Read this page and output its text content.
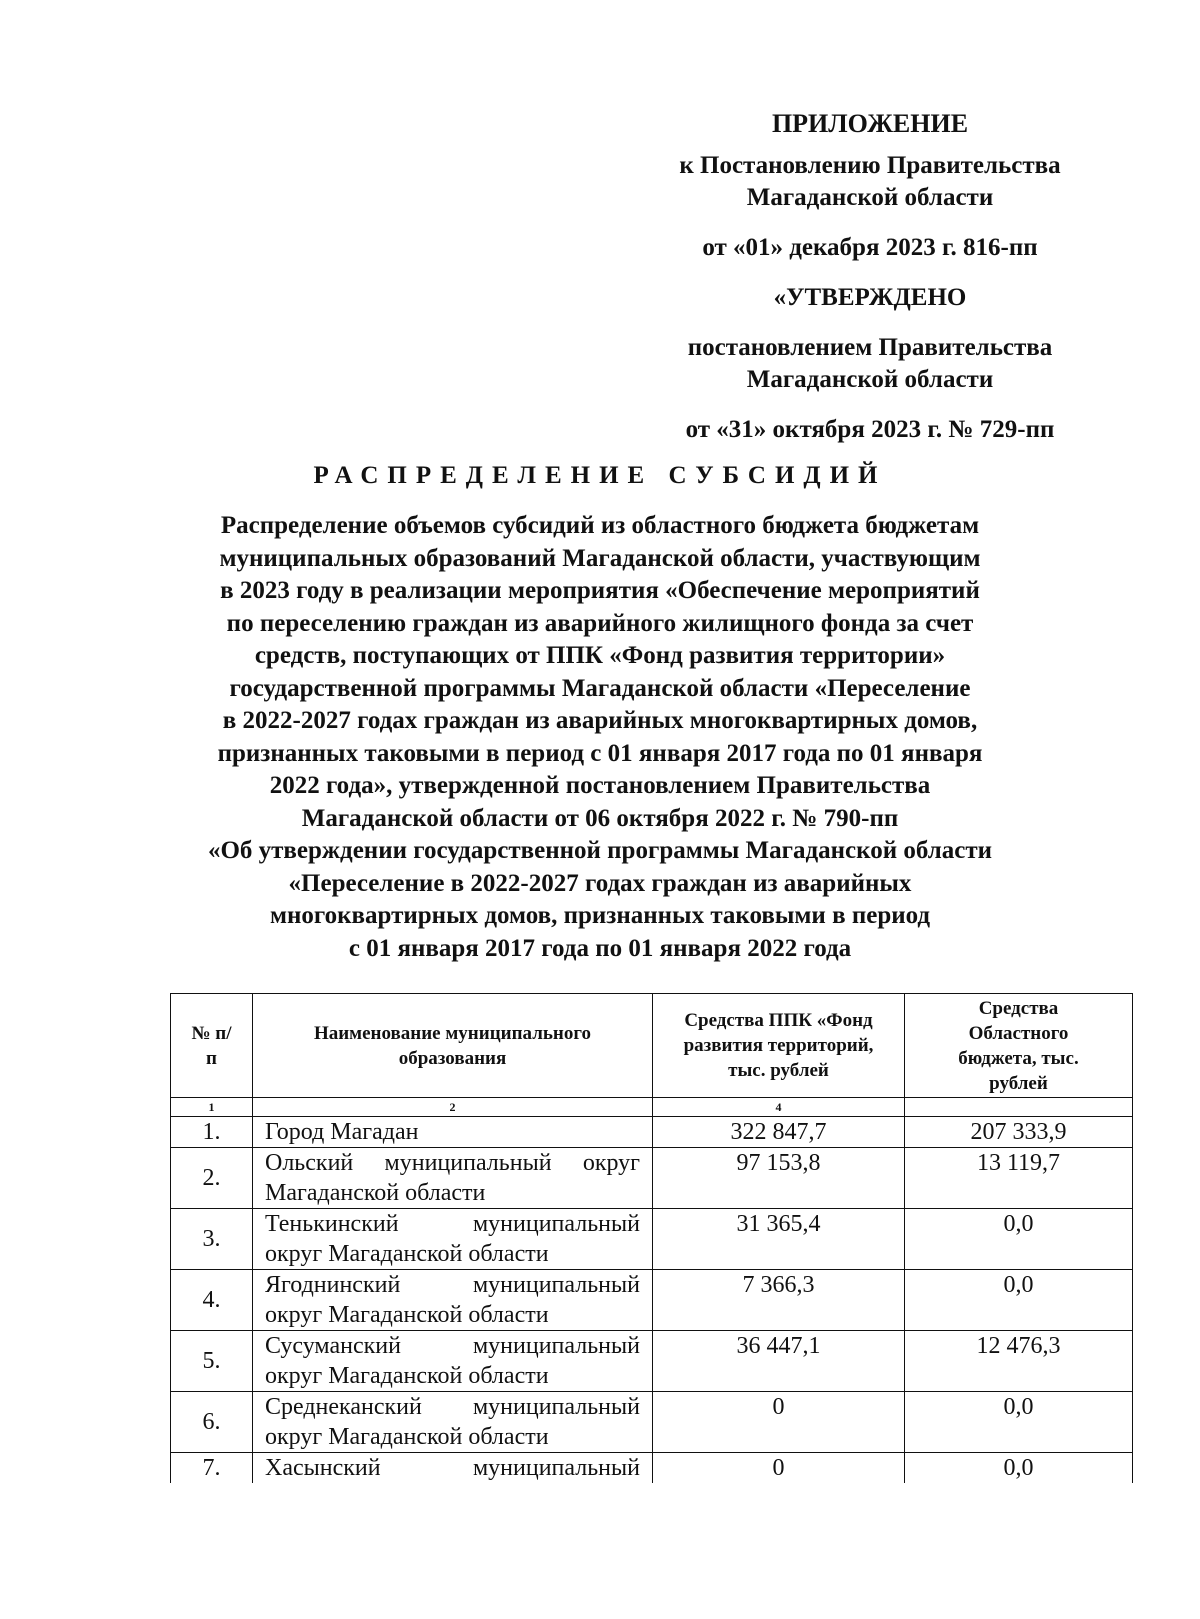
ПРИЛОЖЕНИЕ
к Постановлению Правительства
Магаданской области
от «01» декабря 2023 г. 816-пп
«УТВЕРЖДЕНО
постановлением Правительства
Магаданской области
от «31» октября 2023 г. № 729-пп
РАСПРЕДЕЛЕНИЕ СУБСИДИЙ
Распределение объемов субсидий из областного бюджета бюджетам
муниципальных образований Магаданской области, участвующим
в 2023 году в реализации мероприятия «Обеспечение мероприятий
по переселению граждан из аварийного жилищного фонда за счет
средств, поступающих от ППК «Фонд развития территории»
государственной программы Магаданской области «Переселение
в 2022-2027 годах граждан из аварийных многоквартирных домов,
признанных таковыми в период с 01 января 2017 года по 01 января
2022 года», утвержденной постановлением Правительства
Магаданской области от 06 октября 2022 г. № 790-пп
«Об утверждении государственной программы Магаданской области
«Переселение в 2022-2027 годах граждан из аварийных
многоквартирных домов, признанных таковыми в период
с 01 января 2017 года по 01 января 2022 года
№ п/п	Наименование муниципального образования	Средства ППК «Фонд развития территорий, тыс. рублей	Средства Областного бюджета, тыс. рублей
1	2	4	
1.	Город Магадан	322 847,7	207 333,9
2.	Ольский муниципальный округ
Магаданской области	97 153,8	13 119,7
3.	Тенькинский муниципальный
округ Магаданской области	31 365,4	0,0
4.	Ягоднинский муниципальный
округ Магаданской области	7 366,3	0,0
5.	Сусуманский муниципальный
округ Магаданской области	36 447,1	12 476,3
6.	Среднеканский муниципальный
округ Магаданской области	0	0,0
7.	Хасынский муниципальный	0	0,0
